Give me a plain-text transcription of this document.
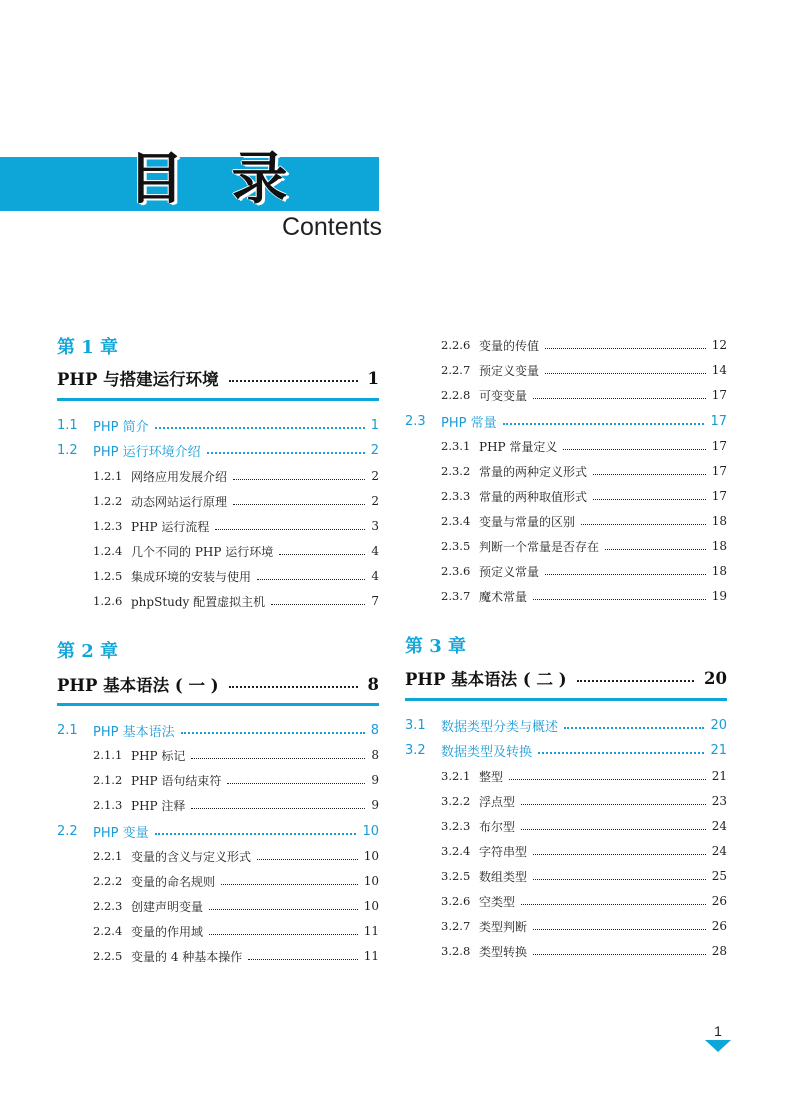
目 录
Contents
第 1 章
PHP 与搭建运行环境	1
1.1	PHP 简介	1
1.2	PHP 运行环境介绍	2
1.2.1 网络应用发展介绍	2
1.2.2 动态网站运行原理	2
1.2.3 PHP 运行流程	3
1.2.4 几个不同的 PHP 运行环境	4
1.2.5 集成环境的安装与使用	4
1.2.6 phpStudy 配置虚拟主机	7
第 2 章
PHP 基本语法 ( 一 )	8
2.1	PHP 基本语法	8
2.1.1 PHP 标记	8
2.1.2 PHP 语句结束符	9
2.1.3 PHP 注释	9
2.2	PHP 变量	10
2.2.1 变量的含义与定义形式	10
2.2.2 变量的命名规则	10
2.2.3 创建声明变量	10
2.2.4 变量的作用域	11
2.2.5 变量的 4 种基本操作	11
2.2.6 变量的传值	12
2.2.7 预定义变量	14
2.2.8 可变变量	17
2.3	PHP 常量	17
2.3.1 PHP 常量定义	17
2.3.2 常量的两种定义形式	17
2.3.3 常量的两种取值形式	17
2.3.4 变量与常量的区别	18
2.3.5 判断一个常量是否存在	18
2.3.6 预定义常量	18
2.3.7 魔术常量	19
第 3 章
PHP 基本语法 ( 二 )	20
3.1	数据类型分类与概述	20
3.2	数据类型及转换	21
3.2.1 整型	21
3.2.2 浮点型	23
3.2.3 布尔型	24
3.2.4 字符串型	24
3.2.5 数组类型	25
3.2.6 空类型	26
3.2.7 类型判断	26
3.2.8 类型转换	28
1
